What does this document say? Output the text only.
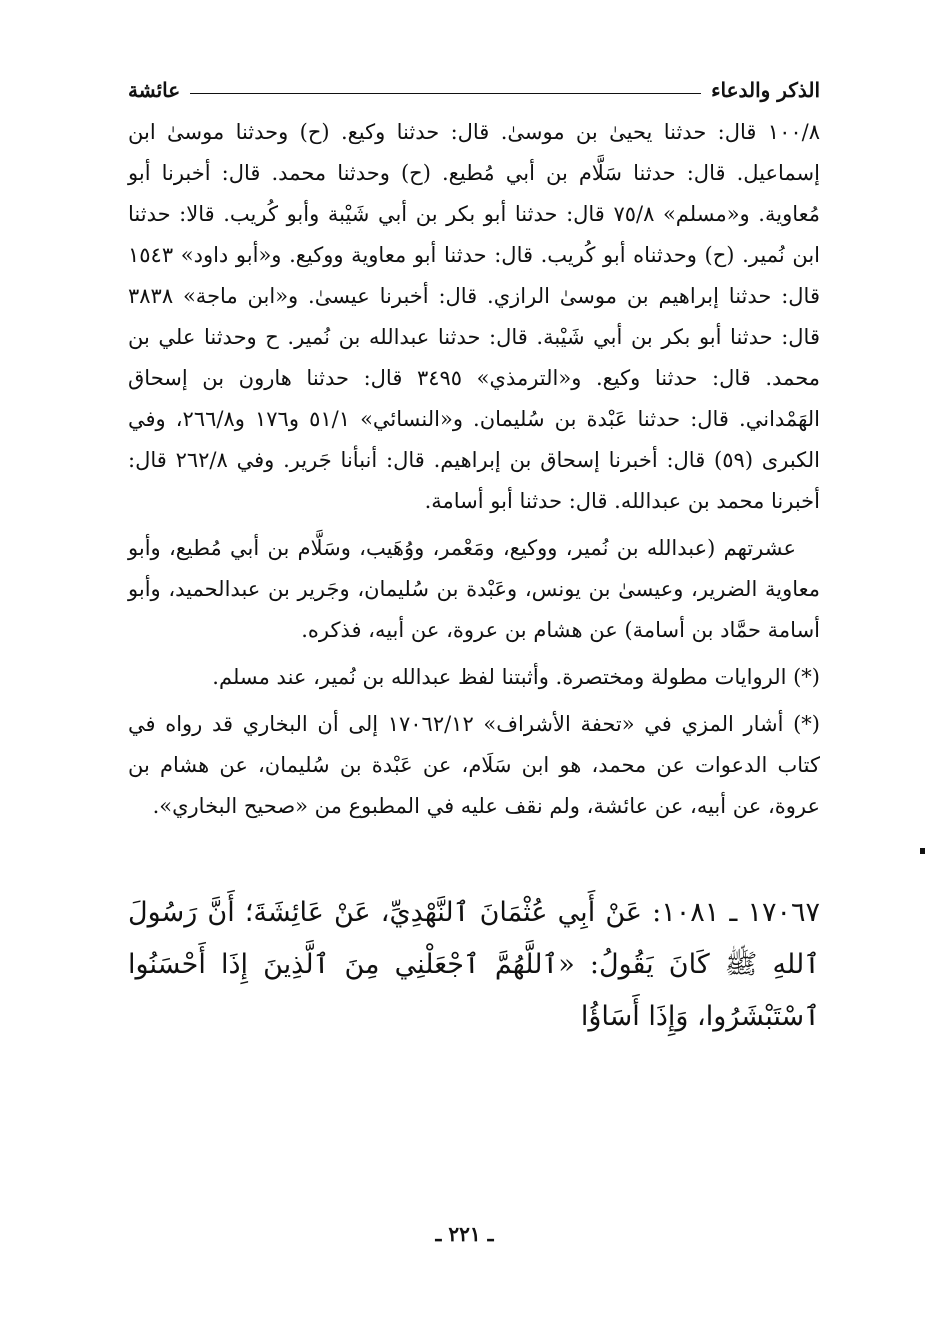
الذكر والدعاء
عائشة

١٠٠/٨ قال: حدثنا يحيىٰ بن موسىٰ. قال: حدثنا وكيع. (ح) وحدثنا موسىٰ ابن إسماعيل. قال: حدثنا سَلَّام بن أبي مُطيع. (ح) وحدثنا محمد. قال: أخبرنا أبو مُعاوية. و«مسلم» ٧٥/٨ قال: حدثنا أبو بكر بن أبي شَيْبة وأبو كُريب. قالا: حدثنا ابن نُمير. (ح) وحدثناه أبو كُريب. قال: حدثنا أبو معاوية ووكيع. و«أبو داود» ١٥٤٣ قال: حدثنا إبراهيم بن موسىٰ الرازي. قال: أخبرنا عيسىٰ. و«ابن ماجة» ٣٨٣٨ قال: حدثنا أبو بكر بن أبي شَيْبة. قال: حدثنا عبدالله بن نُمير. ح وحدثنا علي بن محمد. قال: حدثنا وكيع. و«الترمذي» ٣٤٩٥ قال: حدثنا هارون بن إسحاق الهَمْداني. قال: حدثنا عَبْدة بن سُليمان. و«النسائي» ٥١/١ و١٧٦ و٢٦٦/٨، وفي الكبرى (٥٩) قال: أخبرنا إسحاق بن إبراهيم. قال: أنبأنا جَرير. وفي ٢٦٢/٨ قال: أخبرنا محمد بن عبدالله. قال: حدثنا أبو أسامة.

عشرتهم (عبدالله بن نُمير، ووكيع، ومَعْمر، ووُهَيب، وسَلَّام بن أبي مُطيع، وأبو معاوية الضرير، وعيسىٰ بن يونس، وعَبْدة بن سُليمان، وجَرير بن عبدالحميد، وأبو أسامة حمَّاد بن أسامة) عن هشام بن عروة، عن أبيه، فذكره.

(*) الروايات مطولة ومختصرة. وأثبتنا لفظ عبدالله بن نُمير، عند مسلم.

(*) أشار المزي في «تحفة الأشراف» ١٧٠٦٢/١٢ إلى أن البخاري قد رواه في كتاب الدعوات عن محمد، هو ابن سَلَام، عن عَبْدة بن سُليمان، عن هشام بن عروة، عن أبيه، عن عائشة، ولم نقف عليه في المطبوع من «صحيح البخاري».

١٧٠٦٧ ـ ١٠٨١: عَنْ أَبِي عُثْمَانَ ٱلنَّهْدِيِّ، عَنْ عَائِشَةَ؛ أَنَّ رَسُولَ ٱللهِ ﷺ كَانَ يَقُولُ: «ٱللَّهُمَّ ٱجْعَلْنِي مِنَ ٱلَّذِينَ إِذَا أَحْسَنُوا ٱسْتَبْشَرُوا، وَإِذَا أَسَاؤُا
ـ ٢٢١ ـ
